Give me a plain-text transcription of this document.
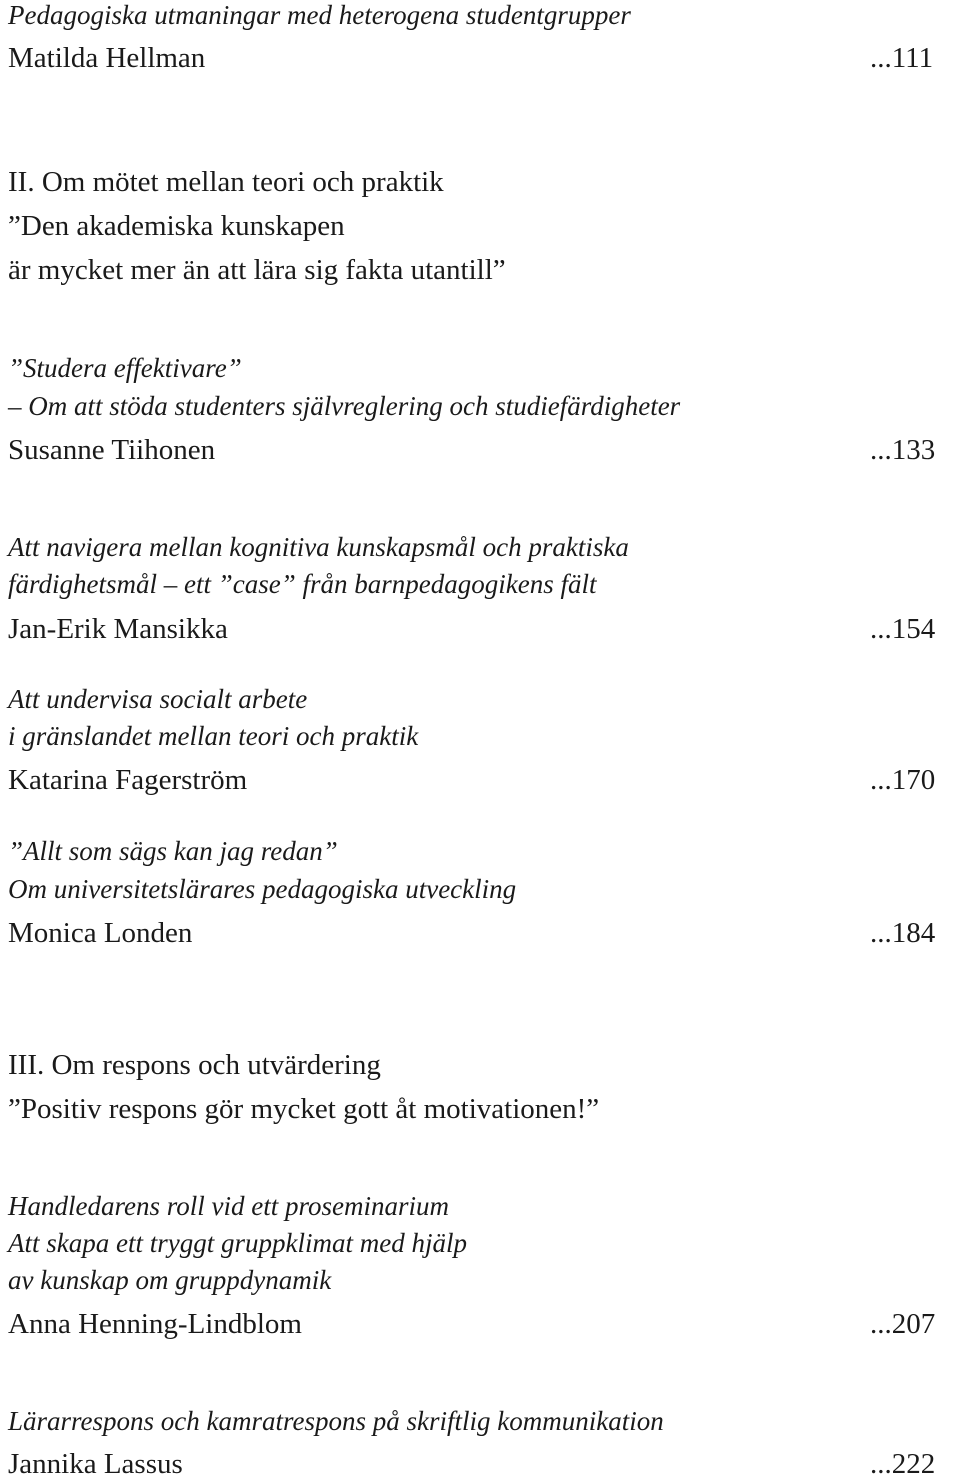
Pedagogiska utmaningar med heterogena studentgrupper
Matilda Hellman	...111
II. Om mötet mellan teori och praktik
”Den akademiska kunskapen
är mycket mer än att lära sig fakta utantill”
”Studera effektivare”
– Om att stöda studenters självreglering och studiefärdigheter
Susanne Tiihonen	...133
Att navigera mellan kognitiva kunskapsmål och praktiska
färdighetsmål – ett ”case” från barnpedagogikens fält
Jan-Erik Mansikka	...154
Att undervisa socialt arbete
i gränslandet mellan teori och praktik
Katarina Fagerström	...170
”Allt som sägs kan jag redan”
Om universitetslärares pedagogiska utveckling
Monica Londen	...184
III. Om respons och utvärdering
”Positiv respons gör mycket gott åt motivationen!”
Handledarens roll vid ett proseminarium
Att skapa ett tryggt gruppklimat med hjälp
av kunskap om gruppdynamik
Anna Henning-Lindblom	...207
Lärarrespons och kamratrespons på skriftlig kommunikation
Jannika Lassus	...222
